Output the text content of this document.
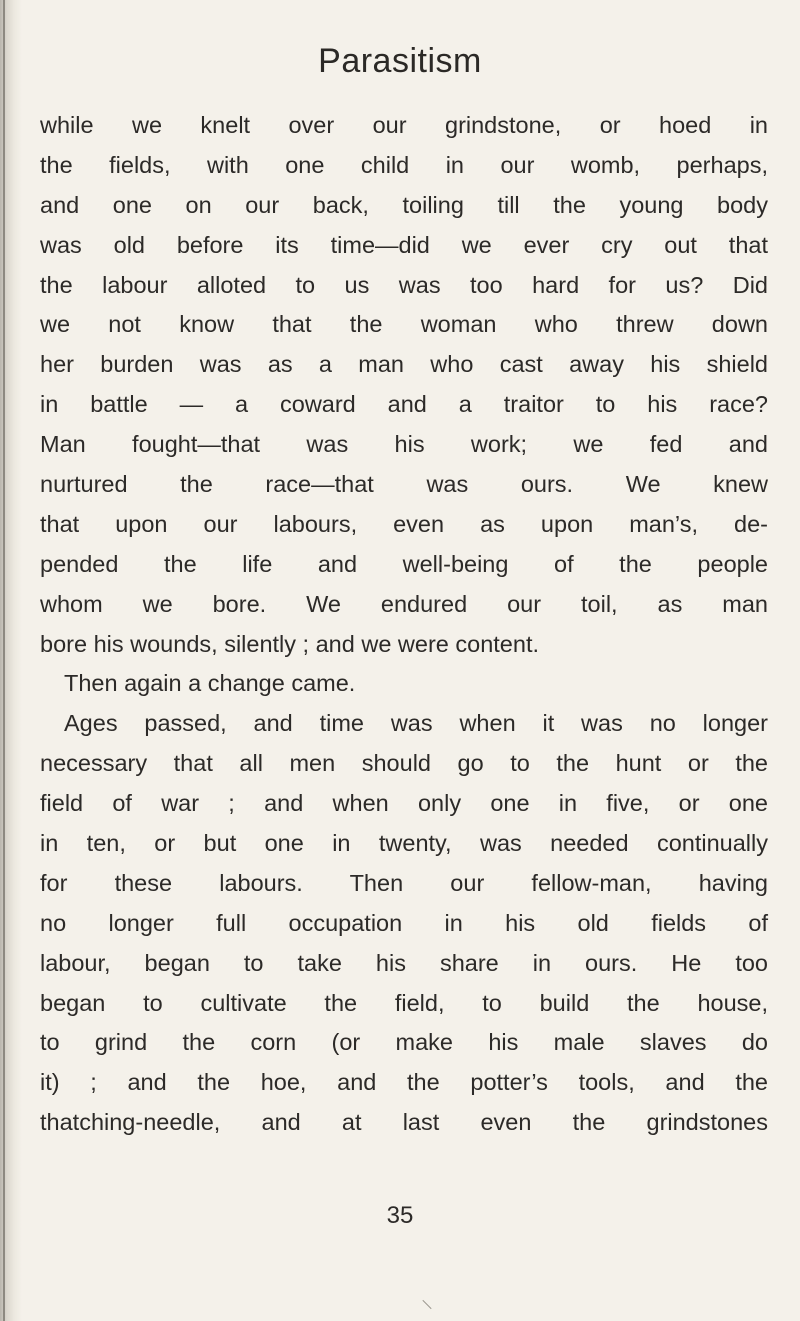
Parasitism
while we knelt over our grindstone, or hoed in
the fields, with one child in our womb, perhaps,
and one on our back, toiling till the young body
was old before its time—did we ever cry out that
the labour alloted to us was too hard for us? Did
we not know that the woman who threw down
her burden was as a man who cast away his shield
in battle — a coward and a traitor to his race?
Man fought—that was his work; we fed and
nurtured the race—that was ours. We knew
that upon our labours, even as upon man’s, de-
pended the life and well-being of the people
whom we bore. We endured our toil, as man
bore his wounds, silently ; and we were content.
Then again a change came.
Ages passed, and time was when it was no longer
necessary that all men should go to the hunt or the
field of war ; and when only one in five, or one
in ten, or but one in twenty, was needed continually
for these labours. Then our fellow-man, having
no longer full occupation in his old fields of
labour, began to take his share in ours. He too
began to cultivate the field, to build the house,
to grind the corn (or make his male slaves do
it) ; and the hoe, and the potter’s tools, and the
thatching-needle, and at last even the grindstones
35
